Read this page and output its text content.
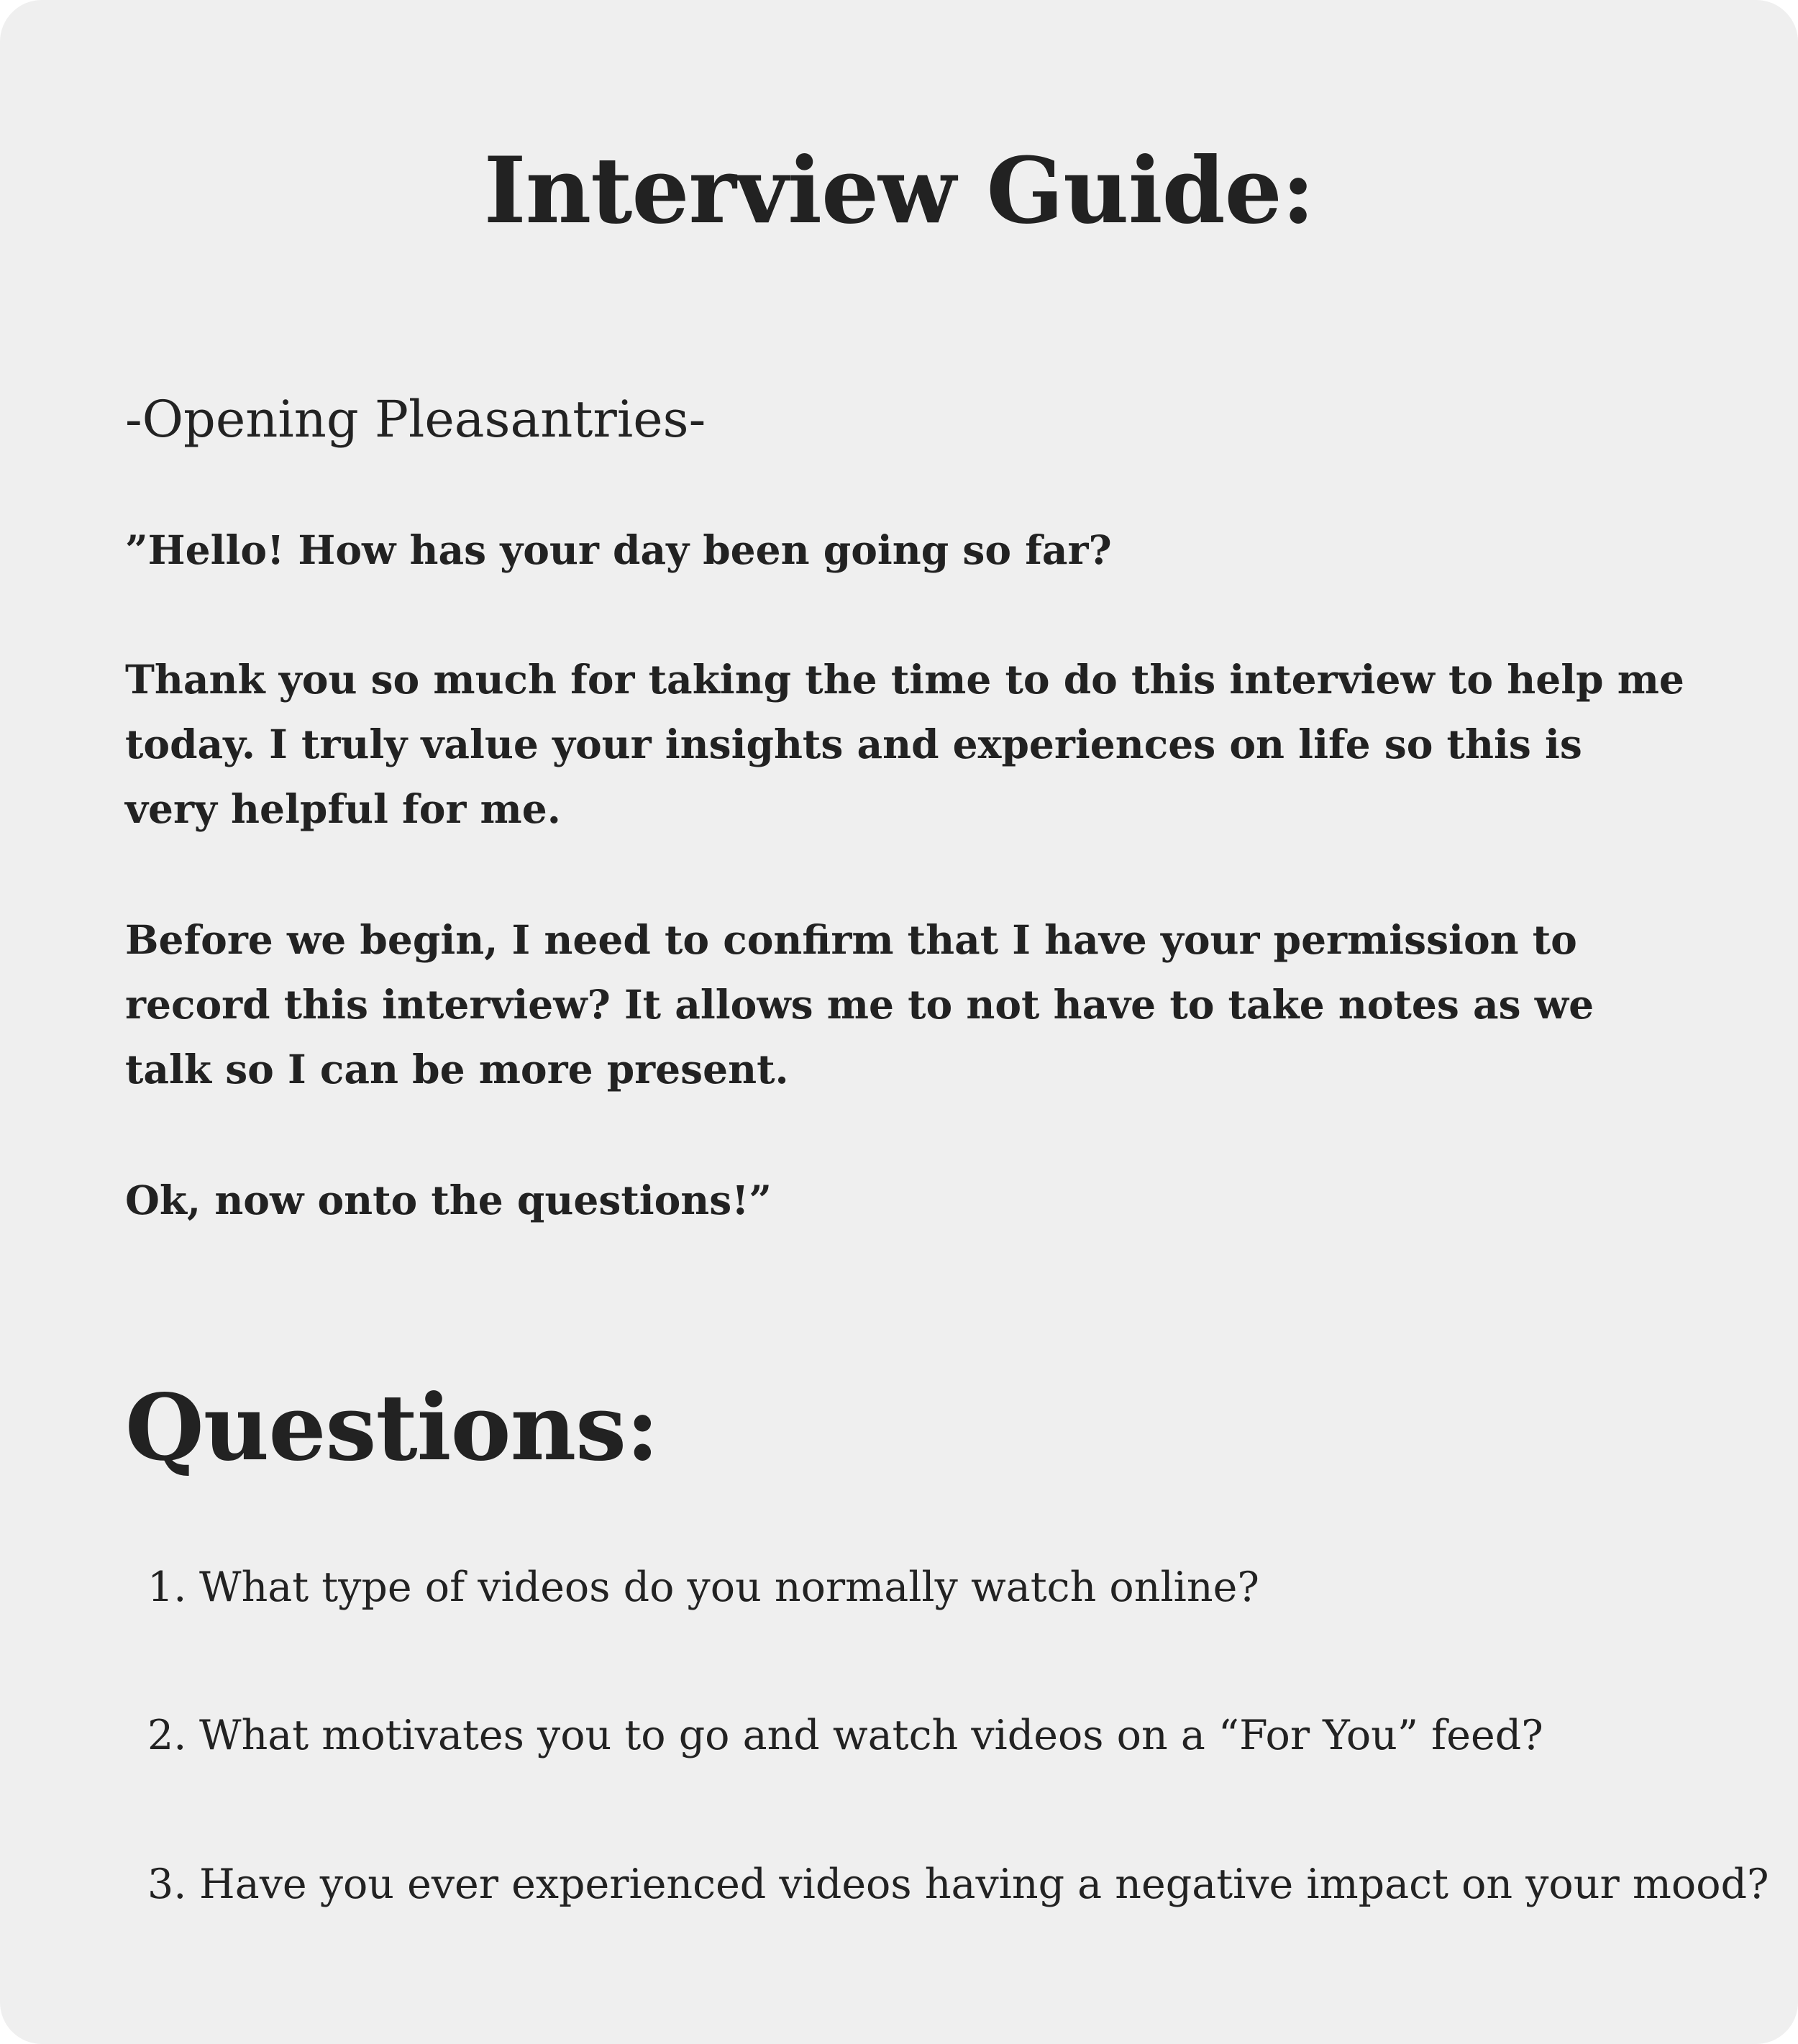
Interview Guide:

-Opening Pleasantries-

”Hello! How has your day been going so far?

Thank you so much for taking the time to do this interview to help me today. I truly value your insights and experiences on life so this is very helpful for me.

Before we begin, I need to confirm that I have your permission to record this interview? It allows me to not have to take notes as we talk so I can be more present.

Ok, now onto the questions!”

Questions:
1. What type of videos do you normally watch online?
2. What motivates you to go and watch videos on a “For You” feed?
3. Have you ever experienced videos having a negative impact on your mood?
